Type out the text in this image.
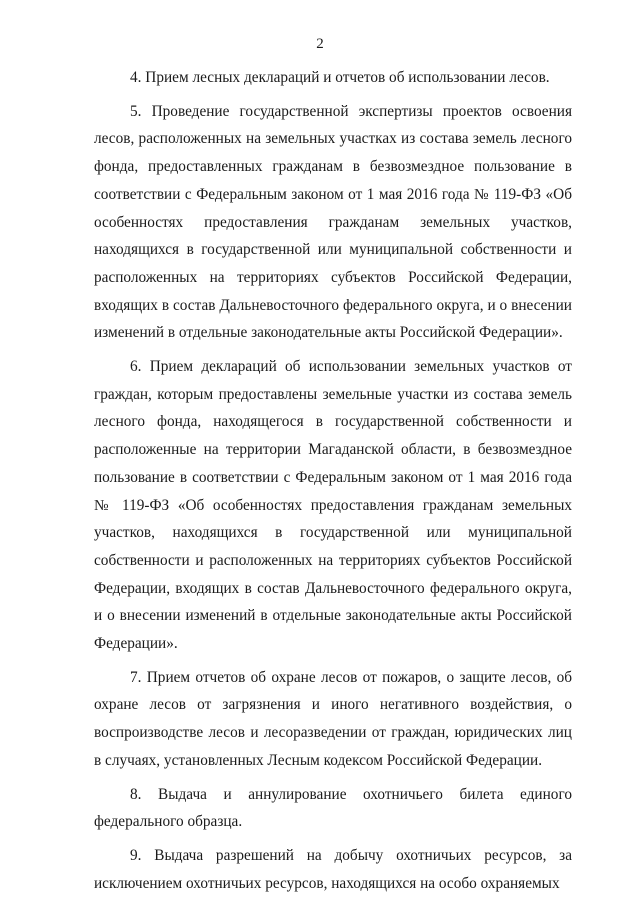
2

4. Прием лесных деклараций и отчетов об использовании лесов.

5. Проведение государственной экспертизы проектов освоения лесов, расположенных на земельных участках из состава земель лесного фонда, предоставленных гражданам в безвозмездное пользование в соответствии с Федеральным законом от 1 мая 2016 года № 119-ФЗ «Об особенностях предоставления гражданам земельных участков, находящихся в государственной или муниципальной собственности и расположенных на территориях субъектов Российской Федерации, входящих в состав Дальневосточного федерального округа, и о внесении изменений в отдельные законодательные акты Российской Федерации».

6. Прием деклараций об использовании земельных участков от граждан, которым предоставлены земельные участки из состава земель лесного фонда, находящегося в государственной собственности и расположенные на территории Магаданской области, в безвозмездное пользование в соответствии с Федеральным законом от 1 мая 2016 года № 119-ФЗ «Об особенностях предоставления гражданам земельных участков, находящихся в государственной или муниципальной собственности и расположенных на территориях субъектов Российской Федерации, входящих в состав Дальневосточного федерального округа, и о внесении изменений в отдельные законодательные акты Российской Федерации».

7. Прием отчетов об охране лесов от пожаров, о защите лесов, об охране лесов от загрязнения и иного негативного воздействия, о воспроизводстве лесов и лесоразведении от граждан, юридических лиц в случаях, установленных Лесным кодексом Российской Федерации.

8. Выдача и аннулирование охотничьего билета единого федерального образца.

9. Выдача разрешений на добычу охотничьих ресурсов, за исключением охотничьих ресурсов, находящихся на особо охраняемых
